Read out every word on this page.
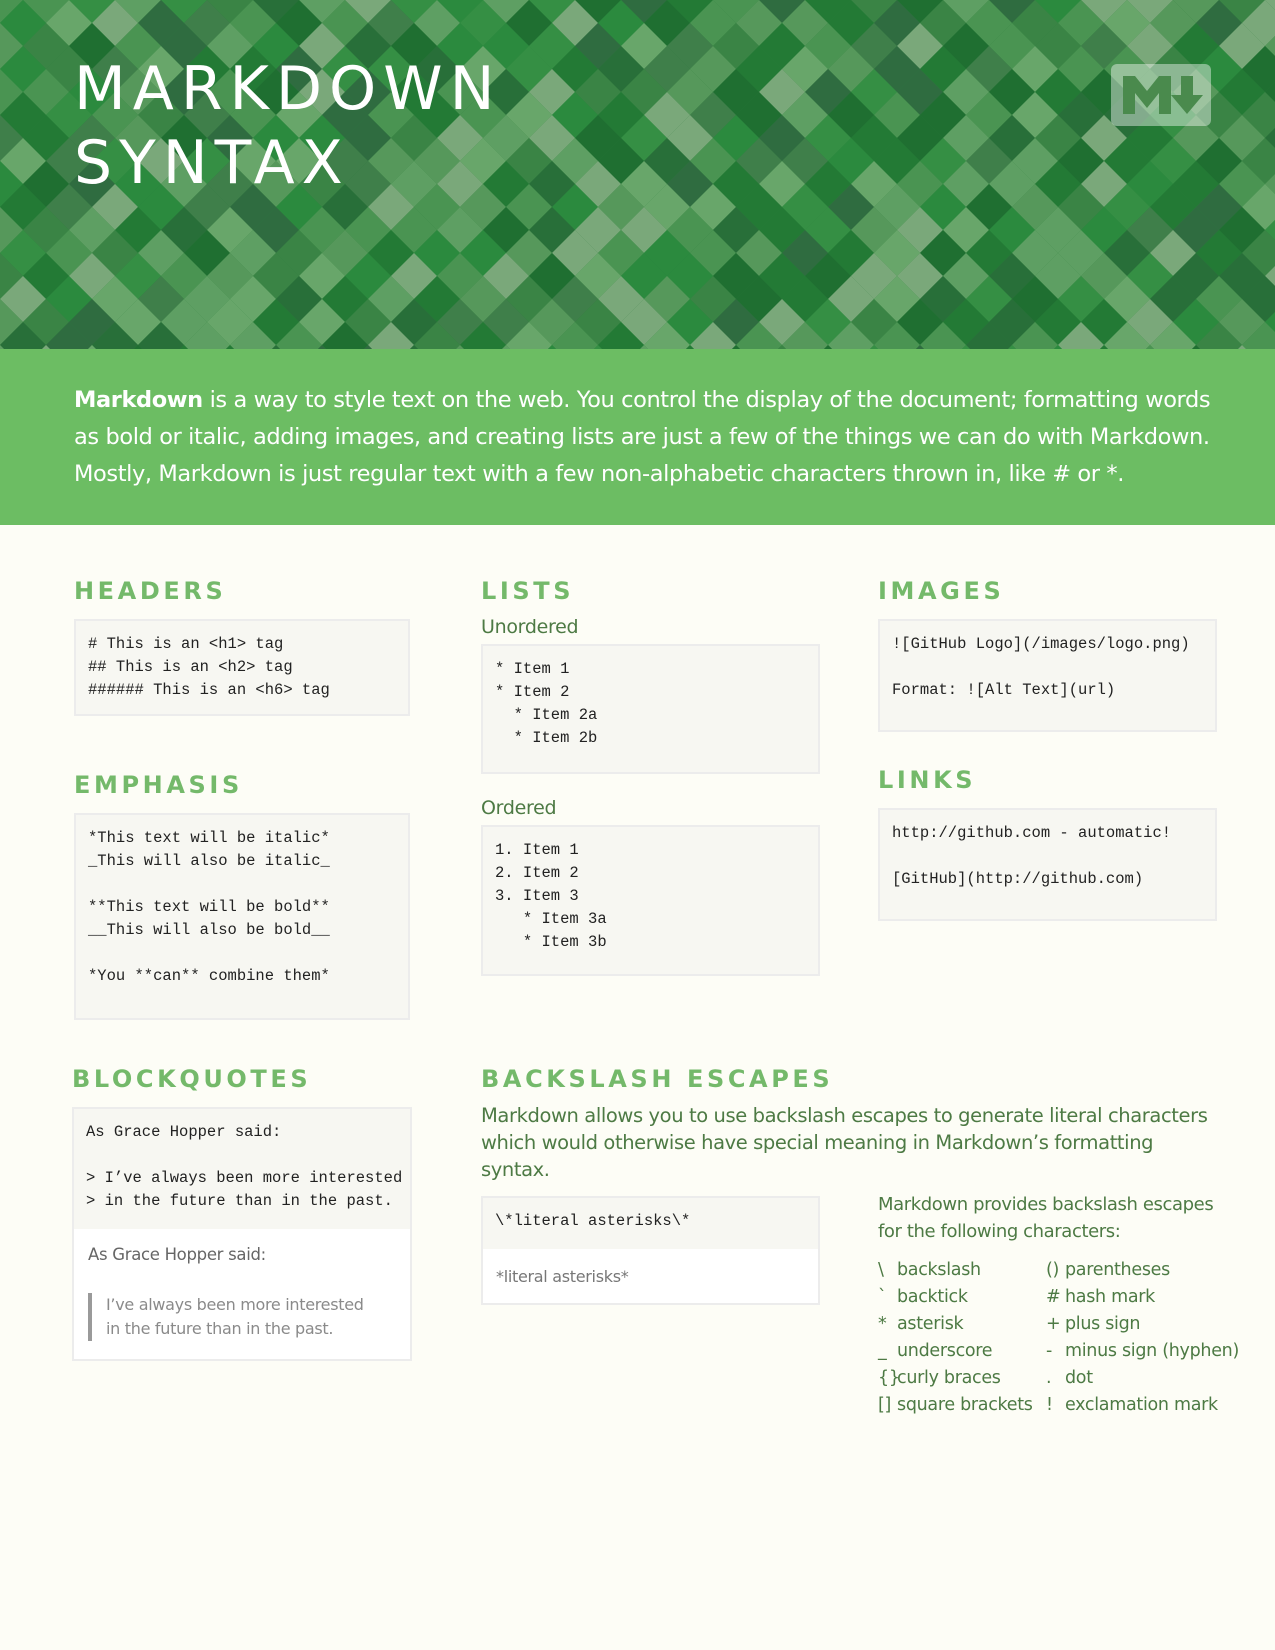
MARKDOWN
SYNTAX

Markdown is a way to style text on the web. You control the display of the document; formatting words as bold or italic, adding images, and creating lists are just a few of the things we can do with Markdown. Mostly, Markdown is just regular text with a few non-alphabetic characters thrown in, like # or *.

HEADERS
# This is an <h1> tag
## This is an <h2> tag
###### This is an <h6> tag
EMPHASIS
*This text will be italic*
_This will also be italic_

**This text will be bold**
__This will also be bold__

*You **can** combine them*
LISTS
Unordered
* Item 1
* Item 2
* Item 2a
* Item 2b
Ordered
1. Item 1
2. Item 2
3. Item 3
* Item 3a
* Item 3b
IMAGES
![GitHub Logo](/images/logo.png)

Format: ![Alt Text](url)
LINKS
http://github.com - automatic!

[GitHub](http://github.com)
BLOCKQUOTES
As Grace Hopper said:

> I’ve always been more interested
> in the future than in the past.
As Grace Hopper said:
I’ve always been more interested
in the future than in the past.
BACKSLASH ESCAPES
Markdown allows you to use backslash escapes to generate literal characters which would otherwise have special meaning in Markdown’s formatting syntax.
\*literal asterisks\*
*literal asterisks*
Markdown provides backslash escapes for the following characters:
\ backslash
` backtick
* asterisk
_ underscore
{}
curly braces
[] square brackets
() parentheses
# hash mark
+ plus sign
- minus sign (hyphen)
. dot
! exclamation mark
